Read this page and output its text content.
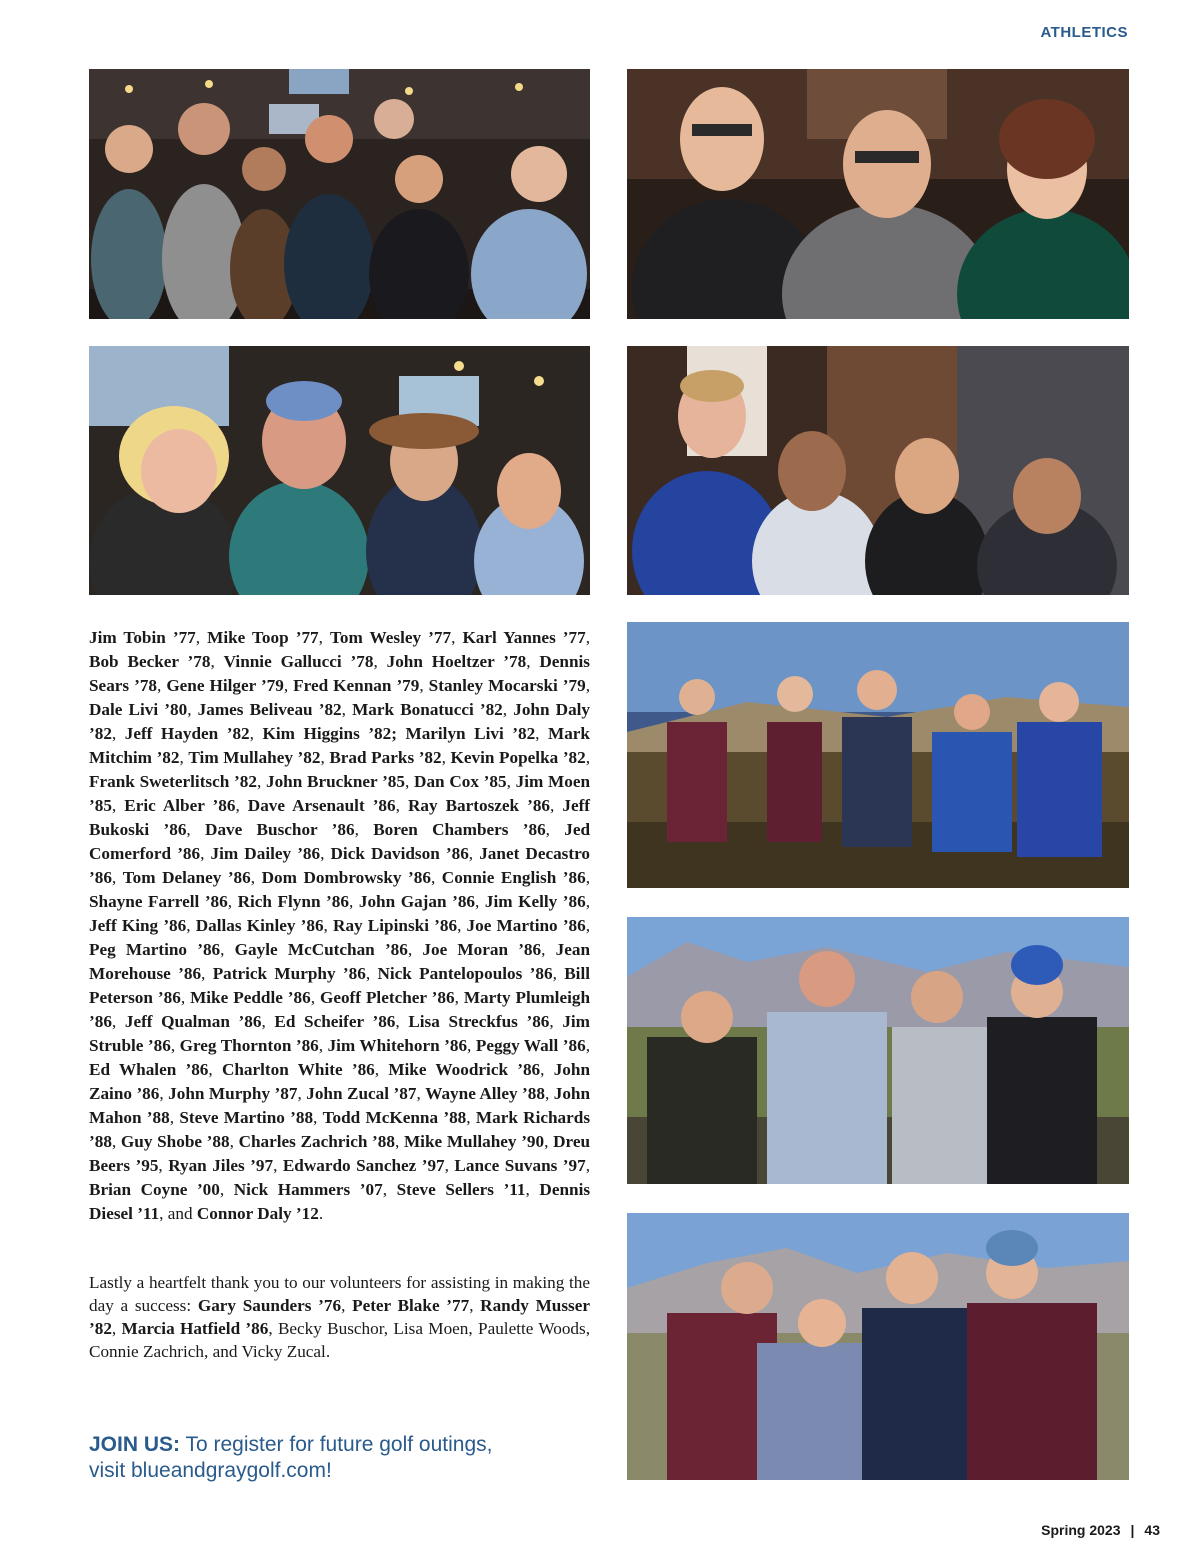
ATHLETICS
Jim Tobin ’77, Mike Toop ’77, Tom Wesley ’77, Karl Yannes ’77, Bob Becker ’78, Vinnie Gallucci ’78, John Hoeltzer ’78, Dennis Sears ’78, Gene Hilger ’79, Fred Kennan ’79, Stanley Mocarski ’79, Dale Livi ’80, James Beliveau ’82, Mark Bonatucci ’82, John Daly ’82, Jeff Hayden ’82, Kim Higgins ’82; Marilyn Livi ’82, Mark Mitchim ’82, Tim Mullahey ’82, Brad Parks ’82, Kevin Popelka ’82, Frank Sweterlitsch ’82, John Bruckner ’85, Dan Cox ’85, Jim Moen ’85, Eric Alber ’86, Dave Arsenault ’86, Ray Bartoszek ’86, Jeff Bukoski ’86, Dave Buschor ’86, Boren Chambers ’86, Jed Comerford ’86, Jim Dailey ’86, Dick Davidson ’86, Janet Decastro ’86, Tom Delaney ’86, Dom Dombrowsky ’86, Connie English ’86, Shayne Farrell ’86, Rich Flynn ’86, John Gajan ’86, Jim Kelly ’86, Jeff King ’86, Dallas Kinley ’86, Ray Lipinski ’86, Joe Martino ’86, Peg Martino ’86, Gayle McCutchan ’86, Joe Moran ’86, Jean Morehouse ’86, Patrick Murphy ’86, Nick Pantelopoulos ’86, Bill Peterson ’86, Mike Peddle ’86, Geoff Pletcher ’86, Marty Plumleigh ’86, Jeff Qualman ’86, Ed Scheifer ’86, Lisa Streckfus ’86, Jim Struble ’86, Greg Thornton ’86, Jim Whitehorn ’86, Peggy Wall ’86, Ed Whalen ’86, Charlton White ’86, Mike Woodrick ’86, John Zaino ’86, John Murphy ’87, John Zucal ’87, Wayne Alley ’88, John Mahon ’88, Steve Martino ’88, Todd McKenna ’88, Mark Richards ’88, Guy Shobe ’88, Charles Zachrich ’88, Mike Mullahey ’90, Dreu Beers ’95, Ryan Jiles ’97, Edwardo Sanchez ’97, Lance Suvans ’97, Brian Coyne ’00, Nick Hammers ’07, Steve Sellers ’11, Dennis Diesel ’11, and Connor Daly ’12.
Lastly a heartfelt thank you to our volunteers for assisting in making the day a success: Gary Saunders ’76, Peter Blake ’77, Randy Musser ’82, Marcia Hatfield ’86, Becky Buschor, Lisa Moen, Paulette Woods, Connie Zachrich, and Vicky Zucal.
JOIN US: To register for future golf outings,
visit blueandgraygolf.com!
Spring 2023 | 43
